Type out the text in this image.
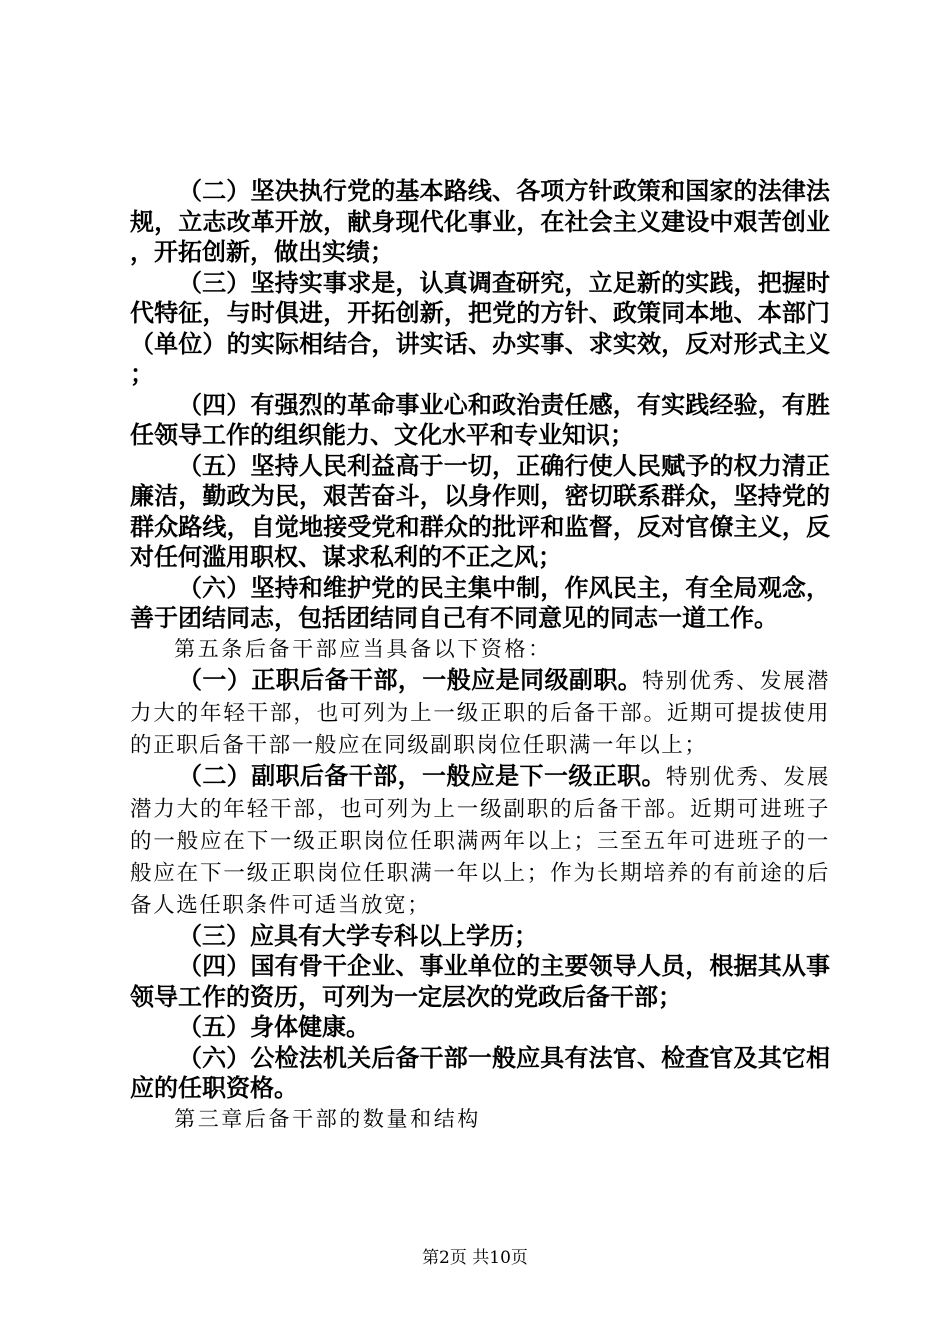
（二）坚决执行党的基本路线、各项方针政策和国家的法律法规，立志改革开放，献身现代化事业，在社会主义建设中艰苦创业，开拓创新，做出实绩；

（三）坚持实事求是，认真调查研究，立足新的实践，把握时代特征，与时俱进，开拓创新，把党的方针、政策同本地、本部门（单位）的实际相结合，讲实话、办实事、求实效，反对形式主义；

（四）有强烈的革命事业心和政治责任感，有实践经验，有胜任领导工作的组织能力、文化水平和专业知识；

（五）坚持人民利益高于一切，正确行使人民赋予的权力清正廉洁，勤政为民，艰苦奋斗，以身作则，密切联系群众，坚持党的群众路线，自觉地接受党和群众的批评和监督，反对官僚主义，反对任何滥用职权、谋求私利的不正之风；

（六）坚持和维护党的民主集中制，作风民主，有全局观念，善于团结同志，包括团结同自己有不同意见的同志一道工作。

第五条后备干部应当具备以下资格：

（一）正职后备干部，一般应是同级副职。特别优秀、发展潜力大的年轻干部，也可列为上一级正职的后备干部。近期可提拔使用的正职后备干部一般应在同级副职岗位任职满一年以上；

（二）副职后备干部，一般应是下一级正职。特别优秀、发展潜力大的年轻干部，也可列为上一级副职的后备干部。近期可进班子的一般应在下一级正职岗位任职满两年以上；三至五年可进班子的一般应在下一级正职岗位任职满一年以上；作为长期培养的有前途的后备人选任职条件可适当放宽；

（三）应具有大学专科以上学历；

（四）国有骨干企业、事业单位的主要领导人员，根据其从事领导工作的资历，可列为一定层次的党政后备干部；

（五）身体健康。

（六）公检法机关后备干部一般应具有法官、检查官及其它相应的任职资格。

第三章后备干部的数量和结构

第2页 共10页
